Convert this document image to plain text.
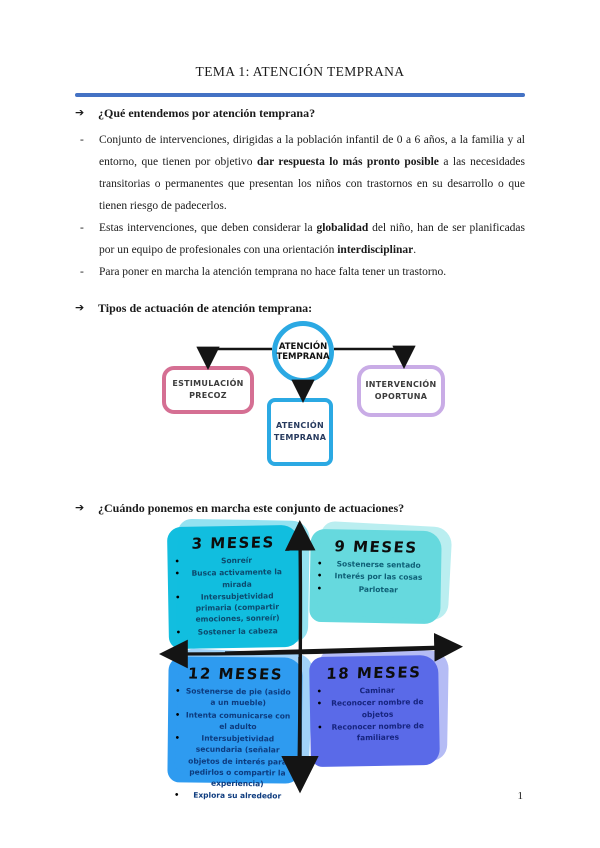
TEMA 1: ATENCIÓN TEMPRANA
➔	¿Qué entendemos por atención temprana?
- Conjunto de intervenciones, dirigidas a la población infantil de 0 a 6 años, a la familia y al entorno, que tienen por objetivo dar respuesta lo más pronto posible a las necesidades transitorias o permanentes que presentan los niños con trastornos en su desarrollo o que tienen riesgo de padecerlos.
- Estas intervenciones, que deben considerar la globalidad del niño, han de ser planificadas por un equipo de profesionales con una orientación interdisciplinar.
- Para poner en marcha la atención temprana no hace falta tener un trastorno.
➔	Tipos de actuación de atención temprana:
ATENCIÓN TEMPRANA
ESTIMULACIÓN PRECOZ
ATENCIÓN TEMPRANA
INTERVENCIÓN OPORTUNA
➔	¿Cuándo ponemos en marcha este conjunto de actuaciones?
3 MESES
• Sonreír
• Busca activamente la mirada
• Intersubjetividad primaria (compartir emociones, sonreír)
• Sostener la cabeza
9 MESES
• Sostenerse sentado
• Interés por las cosas
• Parlotear
12 MESES
• Sostenerse de pie (asido a un mueble)
• Intenta comunicarse con el adulto
• Intersubjetividad secundaria (señalar objetos de interés para pedirlos o compartir la experiencia)
• Explora su alrededor
18 MESES
• Caminar
• Reconocer nombre de objetos
• Reconocer nombre de familiares
1
